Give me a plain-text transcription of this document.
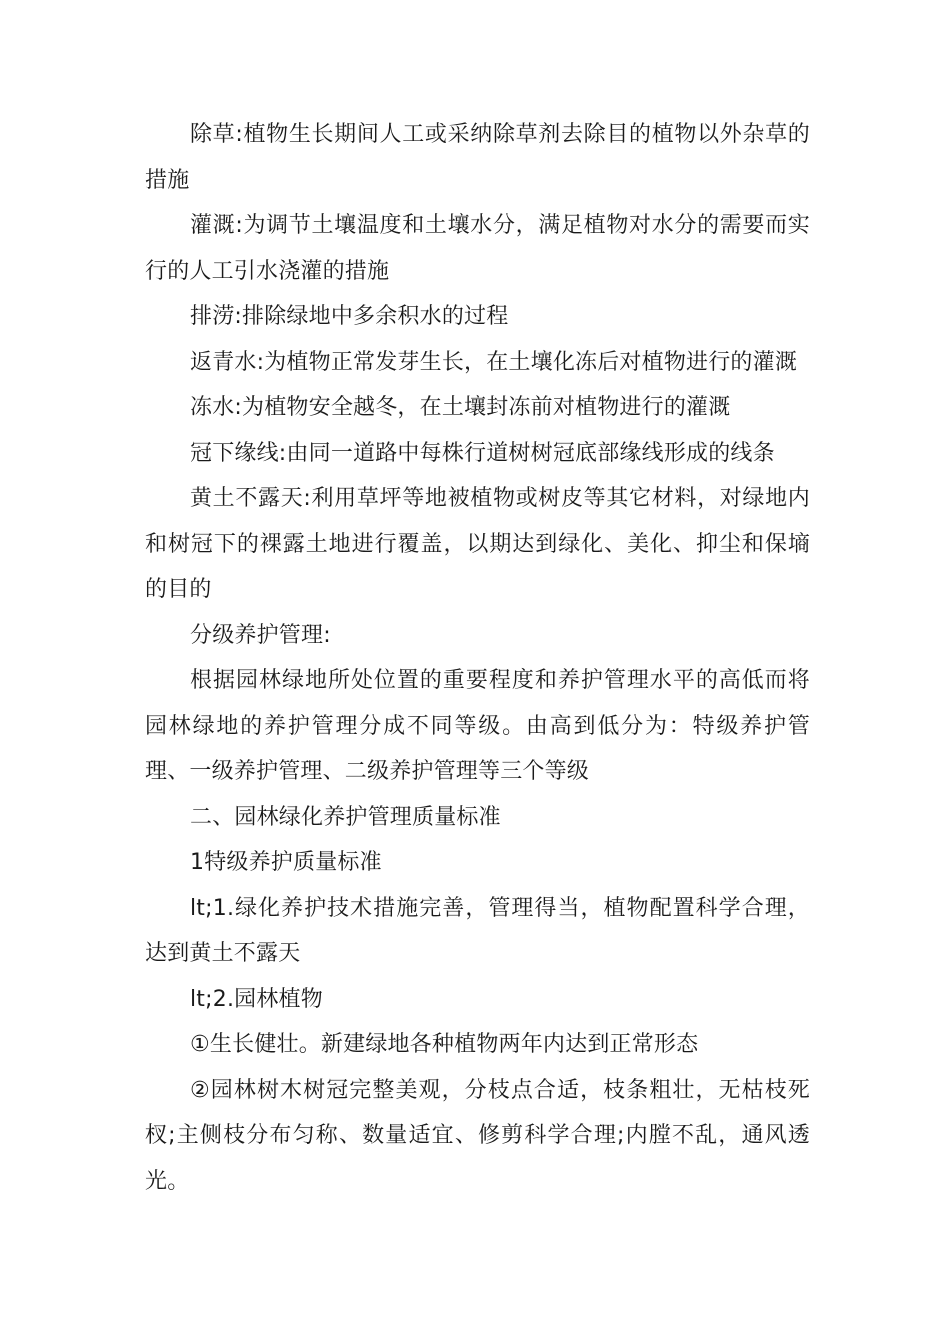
除草:植物生长期间人工或采纳除草剂去除目的植物以外杂草的措施

灌溉:为调节土壤温度和土壤水分，满足植物对水分的需要而实行的人工引水浇灌的措施

排涝:排除绿地中多余积水的过程

返青水:为植物正常发芽生长，在土壤化冻后对植物进行的灌溉

冻水:为植物安全越冬，在土壤封冻前对植物进行的灌溉

冠下缘线:由同一道路中每株行道树树冠底部缘线形成的线条

黄土不露天:利用草坪等地被植物或树皮等其它材料，对绿地内和树冠下的裸露土地进行覆盖，以期达到绿化、美化、抑尘和保墒的目的

分级养护管理:

根据园林绿地所处位置的重要程度和养护管理水平的高低而将园林绿地的养护管理分成不同等级。由高到低分为：特级养护管理、一级养护管理、二级养护管理等三个等级

二、园林绿化养护管理质量标准

1特级养护质量标准

lt;1.绿化养护技术措施完善，管理得当，植物配置科学合理，达到黄土不露天

lt;2.园林植物

①生长健壮。新建绿地各种植物两年内达到正常形态

②园林树木树冠完整美观，分枝点合适，枝条粗壮，无枯枝死杈;主侧枝分布匀称、数量适宜、修剪科学合理;内膛不乱，通风透光。
